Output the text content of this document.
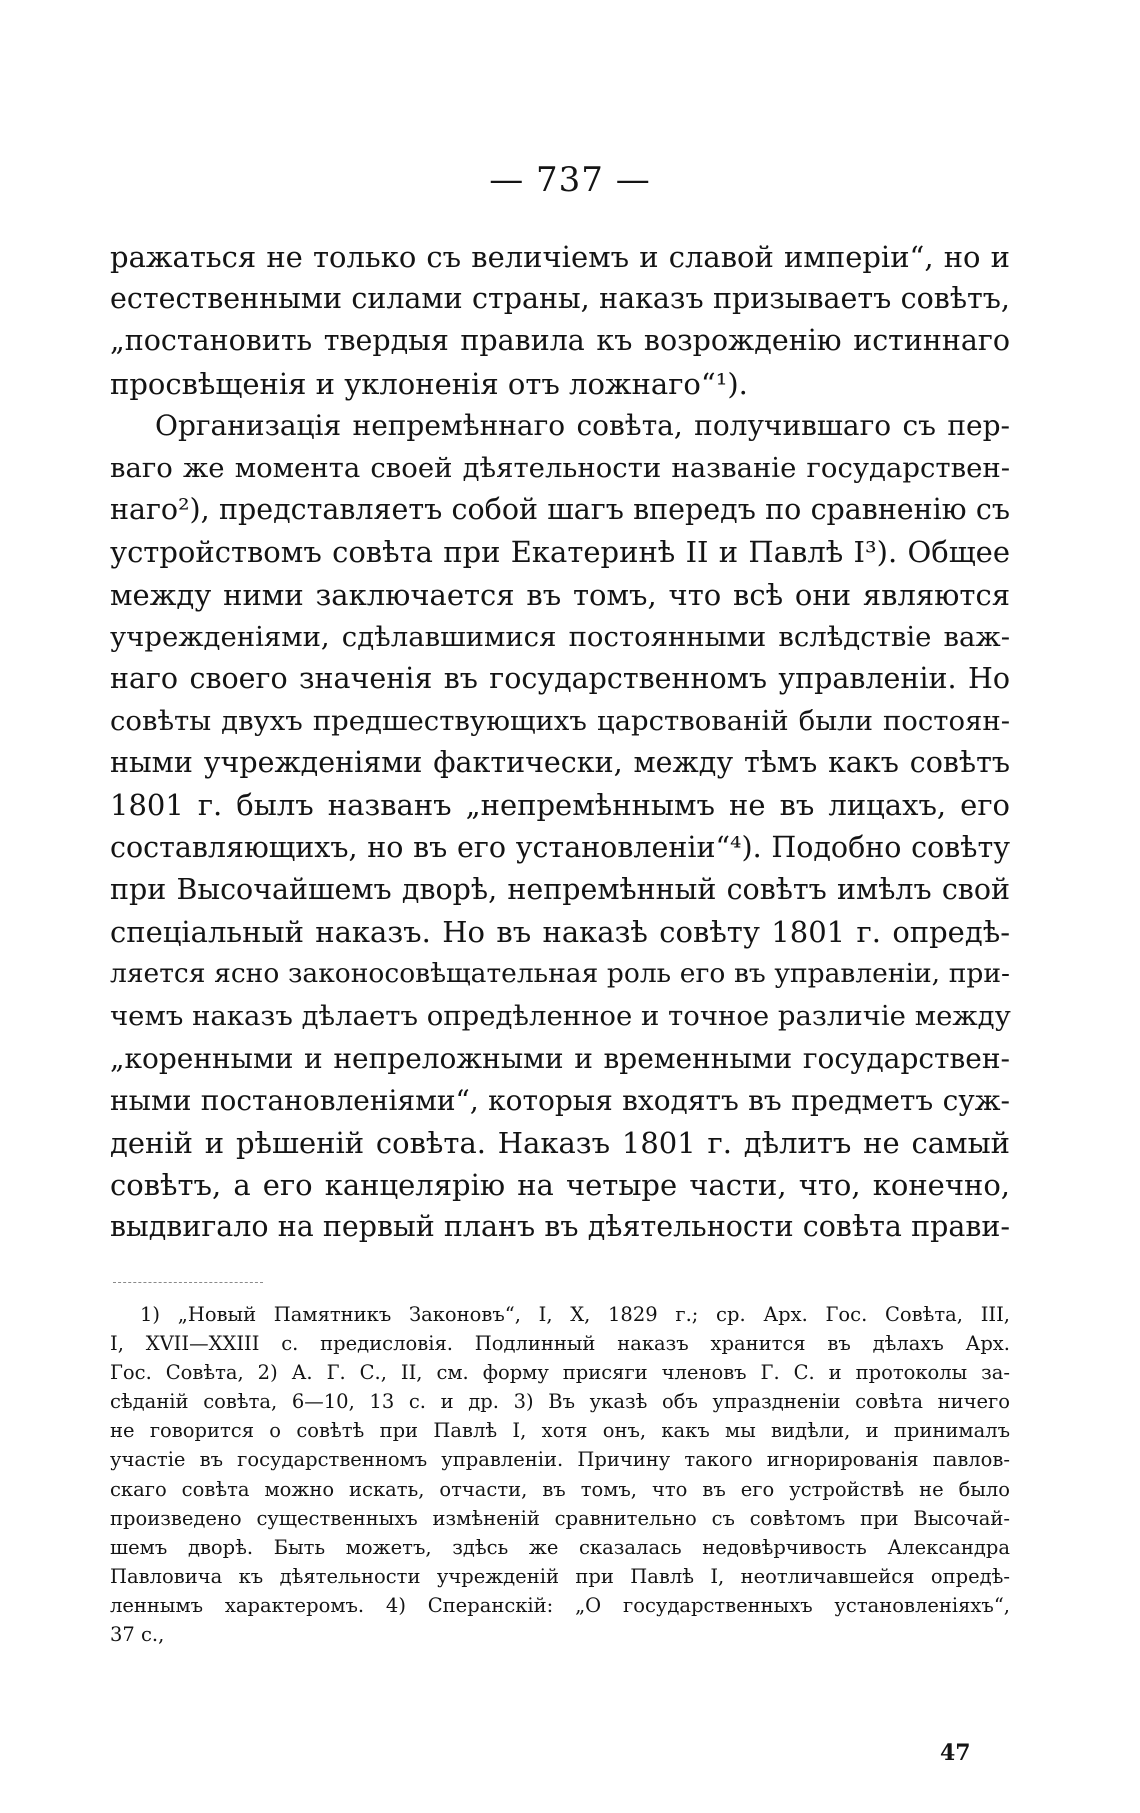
— 737 —
ражаться не только съ величіемъ и славой имперіи“, но и
естественными силами страны, наказъ призываетъ совѣтъ,
„постановить твердыя правила къ возрожденію истиннаго
просвѣщенія и уклоненія отъ ложнаго“¹).
Организація непремѣннаго совѣта, получившаго съ пер-
ваго же момента своей дѣятельности названіе государствен-
наго²), представляетъ собой шагъ впередъ по сравненію съ
устройствомъ совѣта при Екатеринѣ II и Павлѣ I³). Общее
между ними заключается въ томъ, что всѣ они являются
учрежденіями, сдѣлавшимися постоянными вслѣдствіе важ-
наго своего значенія въ государственномъ управленіи. Но
совѣты двухъ предшествующихъ царствованій были постоян-
ными учрежденіями фактически, между тѣмъ какъ совѣтъ
1801 г. былъ названъ „непремѣннымъ не въ лицахъ, его
составляющихъ, но въ его установленіи“⁴). Подобно совѣту
при Высочайшемъ дворѣ, непремѣнный совѣтъ имѣлъ свой
спеціальный наказъ. Но въ наказѣ совѣту 1801 г. опредѣ-
ляется ясно законосовѣщательная роль его въ управленіи, при-
чемъ наказъ дѣлаетъ опредѣленное и точное различіе между
„коренными и непреложными и временными государствен-
ными постановленіями“, которыя входятъ въ предметъ суж-
деній и рѣшеній совѣта. Наказъ 1801 г. дѣлитъ не самый
совѣтъ, а его канцелярію на четыре части, что, конечно,
выдвигало на первый планъ въ дѣятельности совѣта прави-
1) „Новый Памятникъ Законовъ“, I, X, 1829 г.; ср. Арх. Гос. Совѣта, III,
I, XVII—XXIII с. предисловія. Подлинный наказъ хранится въ дѣлахъ Арх.
Гос. Совѣта, 2) А. Г. С., II, см. форму присяги членовъ Г. С. и протоколы за-
сѣданій совѣта, 6—10, 13 с. и др. 3) Въ указѣ объ упраздненіи совѣта ничего
не говорится о совѣтѣ при Павлѣ I, хотя онъ, какъ мы видѣли, и принималъ
участіе въ государственномъ управленіи. Причину такого игнорированія павлов-
скаго совѣта можно искать, отчасти, въ томъ, что въ его устройствѣ не было
произведено существенныхъ измѣненій сравнительно съ совѣтомъ при Высочай-
шемъ дворѣ. Быть можетъ, здѣсь же сказалась недовѣрчивость Александра
Павловича къ дѣятельности учрежденій при Павлѣ I, неотличавшейся опредѣ-
леннымъ характеромъ. 4) Сперанскій: „О государственныхъ установленіяхъ“,
37 с.,
47
